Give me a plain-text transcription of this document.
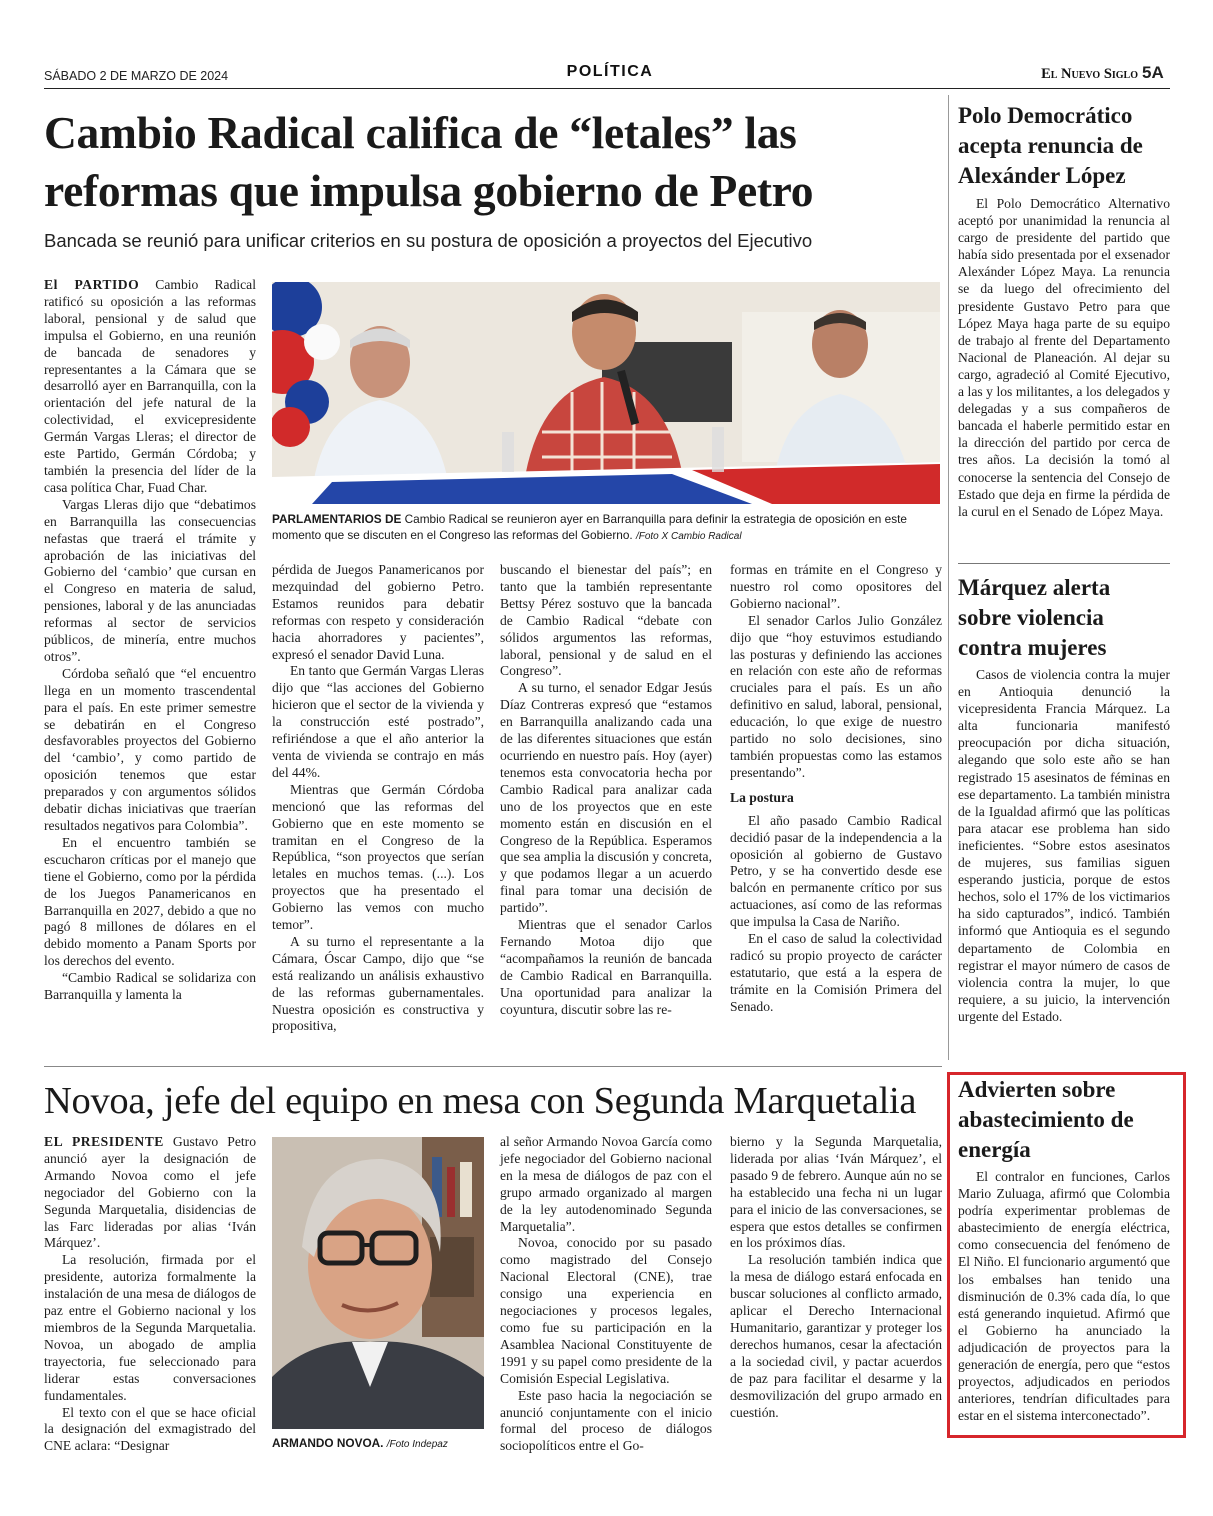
SÁBADO 2 DE MARZO DE 2024	POLÍTICA	El Nuevo Siglo 5A
Cambio Radical califica de “letales” las reformas que impulsa gobierno de Petro
Bancada se reunió para unificar criterios en su postura de oposición a proyectos del Ejecutivo

El PARTIDO Cambio Radical ratificó su oposición a las reformas laboral, pensional y de salud que impulsa el Gobierno, en una reunión de bancada de senadores y representantes a la Cámara que se desarrolló ayer en Barranquilla, con la orientación del jefe natural de la colectividad, el exvicepresidente Germán Vargas Lleras; el director de este Partido, Germán Córdoba; y también la presencia del líder de la casa política Char, Fuad Char.

Vargas Lleras dijo que “debatimos en Barranquilla las consecuencias nefastas que traerá el trámite y aprobación de las iniciativas del Gobierno del ‘cambio’ que cursan en el Congreso en materia de salud, pensiones, laboral y de las anunciadas reformas al sector de servicios públicos, de minería, entre muchos otros”.

Córdoba señaló que “el encuentro llega en un momento trascendental para el país. En este primer semestre se debatirán en el Congreso desfavorables proyectos del Gobierno del ‘cambio’, y como partido de oposición tenemos que estar preparados y con argumentos sólidos debatir dichas iniciativas que traerían resultados negativos para Colombia”.

En el encuentro también se escucharon críticas por el manejo que tiene el Gobierno, como por la pérdida de los Juegos Panamericanos en Barranquilla en 2027, debido a que no pagó 8 millones de dólares en el debido momento a Panam Sports por los derechos del evento.

“Cambio Radical se solidariza con Barranquilla y lamenta la

PARLAMENTARIOS DE Cambio Radical se reunieron ayer en Barranquilla para definir la estrategia de oposición en este momento que se discuten en el Congreso las reformas del Gobierno. /Foto X Cambio Radical

pérdida de Juegos Panamericanos por mezquindad del gobierno Petro. Estamos reunidos para debatir reformas con respeto y consideración hacia ahorradores y pacientes”, expresó el senador David Luna.

En tanto que Germán Vargas Lleras dijo que “las acciones del Gobierno hicieron que el sector de la vivienda y la construcción esté postrado”, refiriéndose a que el año anterior la venta de vivienda se contrajo en más del 44%.

Mientras que Germán Córdoba mencionó que las reformas del Gobierno que en este momento se tramitan en el Congreso de la República, “son proyectos que serían letales en muchos temas. (...). Los proyectos que ha presentado el Gobierno las vemos con mucho temor”.

A su turno el representante a la Cámara, Óscar Campo, dijo que “se está realizando un análisis exhaustivo de las reformas gubernamentales. Nuestra oposición es constructiva y propositiva,

buscando el bienestar del país”; en tanto que la también representante Bettsy Pérez sostuvo que la bancada de Cambio Radical “debate con sólidos argumentos las reformas, laboral, pensional y de salud en el Congreso”.

A su turno, el senador Edgar Jesús Díaz Contreras expresó que “estamos en Barranquilla analizando cada una de las diferentes situaciones que están ocurriendo en nuestro país. Hoy (ayer) tenemos esta convocatoria hecha por Cambio Radical para analizar cada uno de los proyectos que en este momento están en discusión en el Congreso de la República. Esperamos que sea amplia la discusión y concreta, y que podamos llegar a un acuerdo final para tomar una decisión de partido”.

Mientras que el senador Carlos Fernando Motoa dijo que “acompañamos la reunión de bancada de Cambio Radical en Barranquilla. Una oportunidad para analizar la coyuntura, discutir sobre las re-

formas en trámite en el Congreso y nuestro rol como opositores del Gobierno nacional”.

El senador Carlos Julio González dijo que “hoy estuvimos estudiando las posturas y definiendo las acciones en relación con este año de reformas cruciales para el país. Es un año definitivo en salud, laboral, pensional, educación, lo que exige de nuestro partido no solo decisiones, sino también propuestas como las estamos presentando”.

La postura

El año pasado Cambio Radical decidió pasar de la independencia a la oposición al gobierno de Gustavo Petro, y se ha convertido desde ese balcón en permanente crítico por sus actuaciones, así como de las reformas que impulsa la Casa de Nariño.

En el caso de salud la colectividad radicó su propio proyecto de carácter estatutario, que está a la espera de trámite en la Comisión Primera del Senado.

Polo Democrático acepta renuncia de Alexánder López

El Polo Democrático Alternativo aceptó por unanimidad la renuncia al cargo de presidente del partido que había sido presentada por el exsenador Alexánder López Maya. La renuncia se da luego del ofrecimiento del presidente Gustavo Petro para que López Maya haga parte de su equipo de trabajo al frente del Departamento Nacional de Planeación. Al dejar su cargo, agradeció al Comité Ejecutivo, a las y los militantes, a los delegados y delegadas y a sus compañeros de bancada el haberle permitido estar en la dirección del partido por cerca de tres años. La decisión la tomó al conocerse la sentencia del Consejo de Estado que deja en firme la pérdida de la curul en el Senado de López Maya.

Márquez alerta sobre violencia contra mujeres

Casos de violencia contra la mujer en Antioquia denunció la vicepresidenta Francia Márquez. La alta funcionaria manifestó preocupación por dicha situación, alegando que solo este año se han registrado 15 asesinatos de féminas en ese departamento. La también ministra de la Igualdad afirmó que las políticas para atacar ese problema han sido ineficientes. “Sobre estos asesinatos de mujeres, sus familias siguen esperando justicia, porque de estos hechos, solo el 17% de los victimarios ha sido capturados”, indicó. También informó que Antioquia es el segundo departamento de Colombia en registrar el mayor número de casos de violencia contra la mujer, lo que requiere, a su juicio, la intervención urgente del Estado.

Advierten sobre abastecimiento de energía

El contralor en funciones, Carlos Mario Zuluaga, afirmó que Colombia podría experimentar problemas de abastecimiento de energía eléctrica, como consecuencia del fenómeno de El Niño. El funcionario argumentó que los embalses han tenido una disminución de 0.3% cada día, lo que está generando inquietud. Afirmó que el Gobierno ha anunciado la adjudicación de proyectos para la generación de energía, pero que “estos proyectos, adjudicados en periodos anteriores, tendrían dificultades para estar en el sistema interconectado”.

Novoa, jefe del equipo en mesa con Segunda Marquetalia

EL PRESIDENTE Gustavo Petro anunció ayer la designación de Armando Novoa como el jefe negociador del Gobierno con la Segunda Marquetalia, disidencias de las Farc lideradas por alias ‘Iván Márquez’.

La resolución, firmada por el presidente, autoriza formalmente la instalación de una mesa de diálogos de paz entre el Gobierno nacional y los miembros de la Segunda Marquetalia. Novoa, un abogado de amplia trayectoria, fue seleccionado para liderar estas conversaciones fundamentales.

El texto con el que se hace oficial la designación del exmagistrado del CNE aclara: “Designar	ARMANDO NOVOA. /Foto Indepaz

al señor Armando Novoa García como jefe negociador del Gobierno nacional en la mesa de diálogos de paz con el grupo armado organizado al margen de la ley autodenominado Segunda Marquetalia”.

Novoa, conocido por su pasado como magistrado del Consejo Nacional Electoral (CNE), trae consigo una experiencia en negociaciones y procesos legales, como fue su participación en la Asamblea Nacional Constituyente de 1991 y su papel como presidente de la Comisión Especial Legislativa.

Este paso hacia la negociación se anunció conjuntamente con el inicio formal del proceso de diálogos sociopolíticos entre el Go-

bierno y la Segunda Marquetalia, liderada por alias ‘Iván Márquez’, el pasado 9 de febrero. Aunque aún no se ha establecido una fecha ni un lugar para el inicio de las conversaciones, se espera que estos detalles se confirmen en los próximos días.

La resolución también indica que la mesa de diálogo estará enfocada en buscar soluciones al conflicto armado, aplicar el Derecho Internacional Humanitario, garantizar y proteger los derechos humanos, cesar la afectación a la sociedad civil, y pactar acuerdos de paz para facilitar el desarme y la desmovilización del grupo armado en cuestión.
